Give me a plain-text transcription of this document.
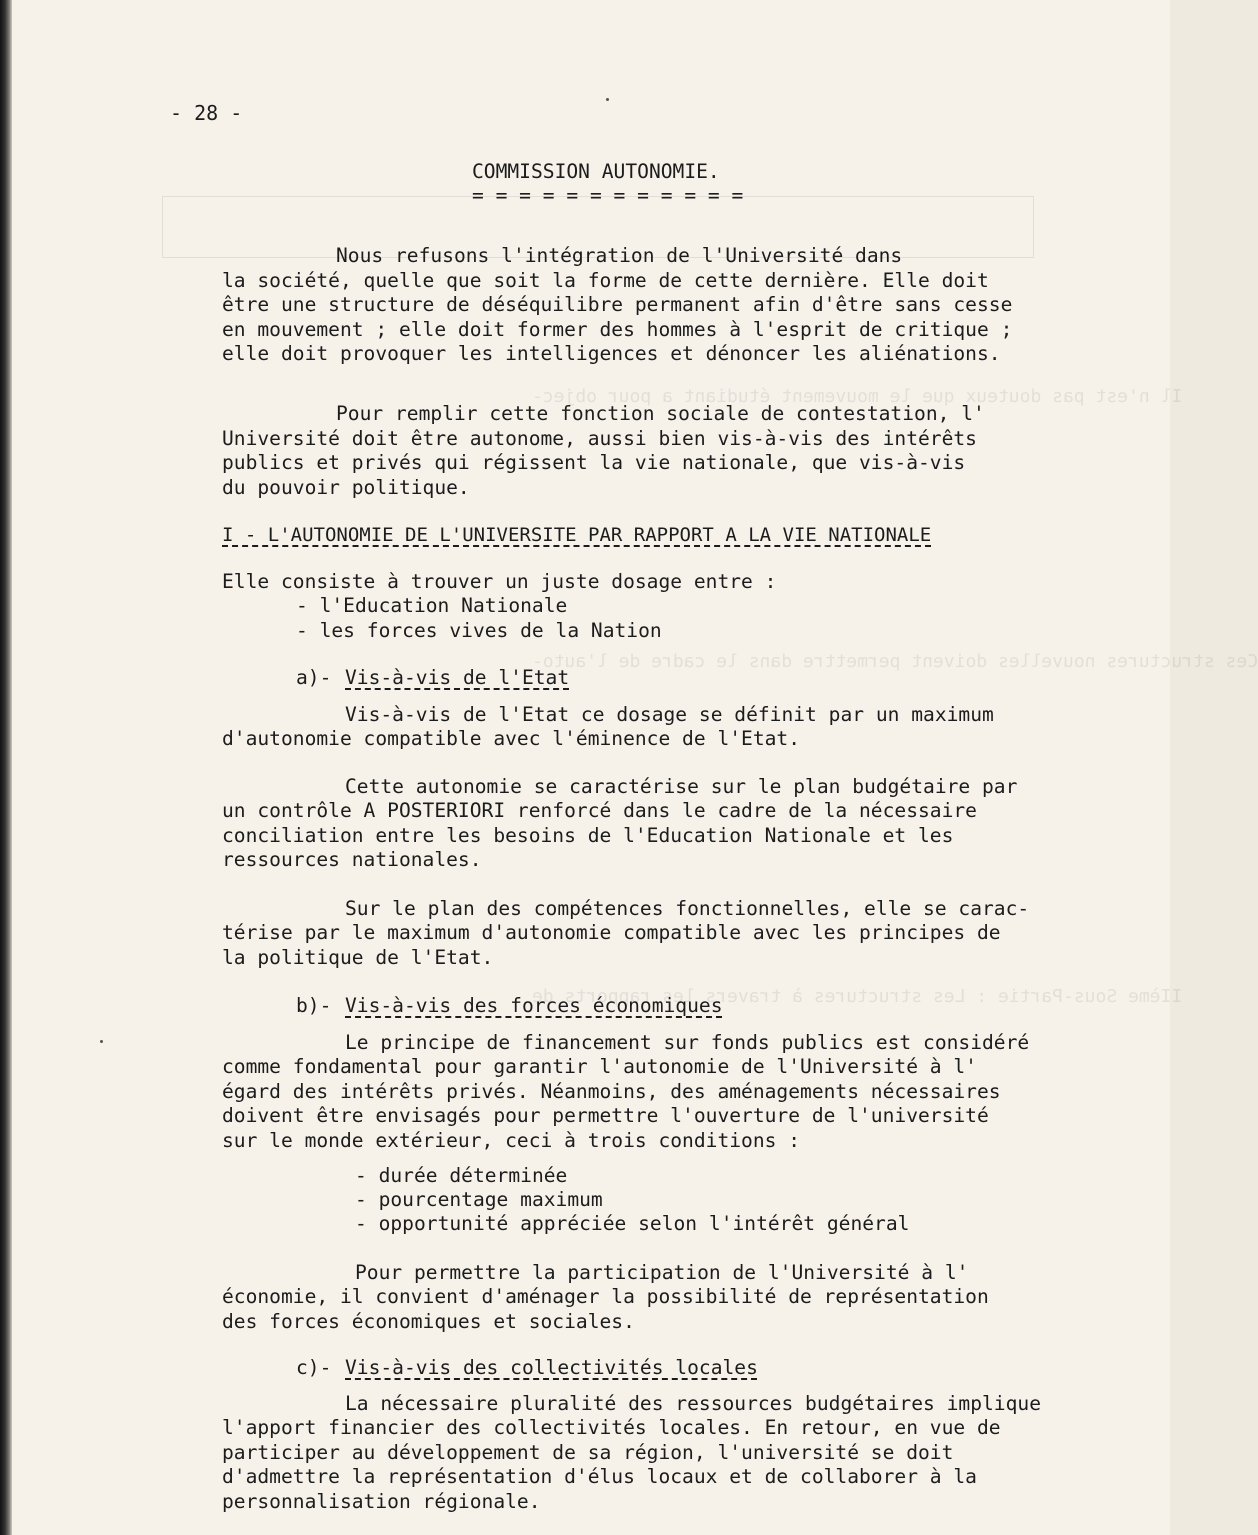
Il n'est pas douteux que le mouvement étudiant a pour objec-
Ces structures nouvelles doivent permettre dans le cadre de l'auto-
IIème Sous-Partie : Les structures à travers les rapports de
- 28 -
COMMISSION AUTONOMIE.
= = = = = = = = = = = =
Nous refusons l'intégration de l'Université dans
la société, quelle que soit la forme de cette dernière. Elle doit
être une structure de déséquilibre permanent afin d'être sans cesse
en mouvement ; elle doit former des hommes à l'esprit de critique ;
elle doit provoquer les intelligences et dénoncer les aliénations.
Pour remplir cette fonction sociale de contestation, l'
Université doit être autonome, aussi bien vis-à-vis des intérêts
publics et privés qui régissent la vie nationale, que vis-à-vis
du pouvoir politique.
I - L'AUTONOMIE DE L'UNIVERSITE PAR RAPPORT A LA VIE NATIONALE
Elle consiste à trouver un juste dosage entre :
- l'Education Nationale
- les forces vives de la Nation
a)- Vis-à-vis de l'Etat
Vis-à-vis de l'Etat ce dosage se définit par un maximum
d'autonomie compatible avec l'éminence de l'Etat.
Cette autonomie se caractérise sur le plan budgétaire par
un contrôle A POSTERIORI renforcé dans le cadre de la nécessaire
conciliation entre les besoins de l'Education Nationale et les
ressources nationales.
Sur le plan des compétences fonctionnelles, elle se carac-
térise par le maximum d'autonomie compatible avec les principes de
la politique de l'Etat.
b)- Vis-à-vis des forces économiques
Le principe de financement sur fonds publics est considéré
comme fondamental pour garantir l'autonomie de l'Université à l'
égard des intérêts privés. Néanmoins, des aménagements nécessaires
doivent être envisagés pour permettre l'ouverture de l'université
sur le monde extérieur, ceci à trois conditions :
- durée déterminée
- pourcentage maximum
- opportunité appréciée selon l'intérêt général
Pour permettre la participation de l'Université à l'
économie, il convient d'aménager la possibilité de représentation
des forces économiques et sociales.
c)- Vis-à-vis des collectivités locales
La nécessaire pluralité des ressources budgétaires implique
l'apport financier des collectivités locales. En retour, en vue de
participer au développement de sa région, l'université se doit
d'admettre la représentation d'élus locaux et de collaborer à la
personnalisation régionale.
